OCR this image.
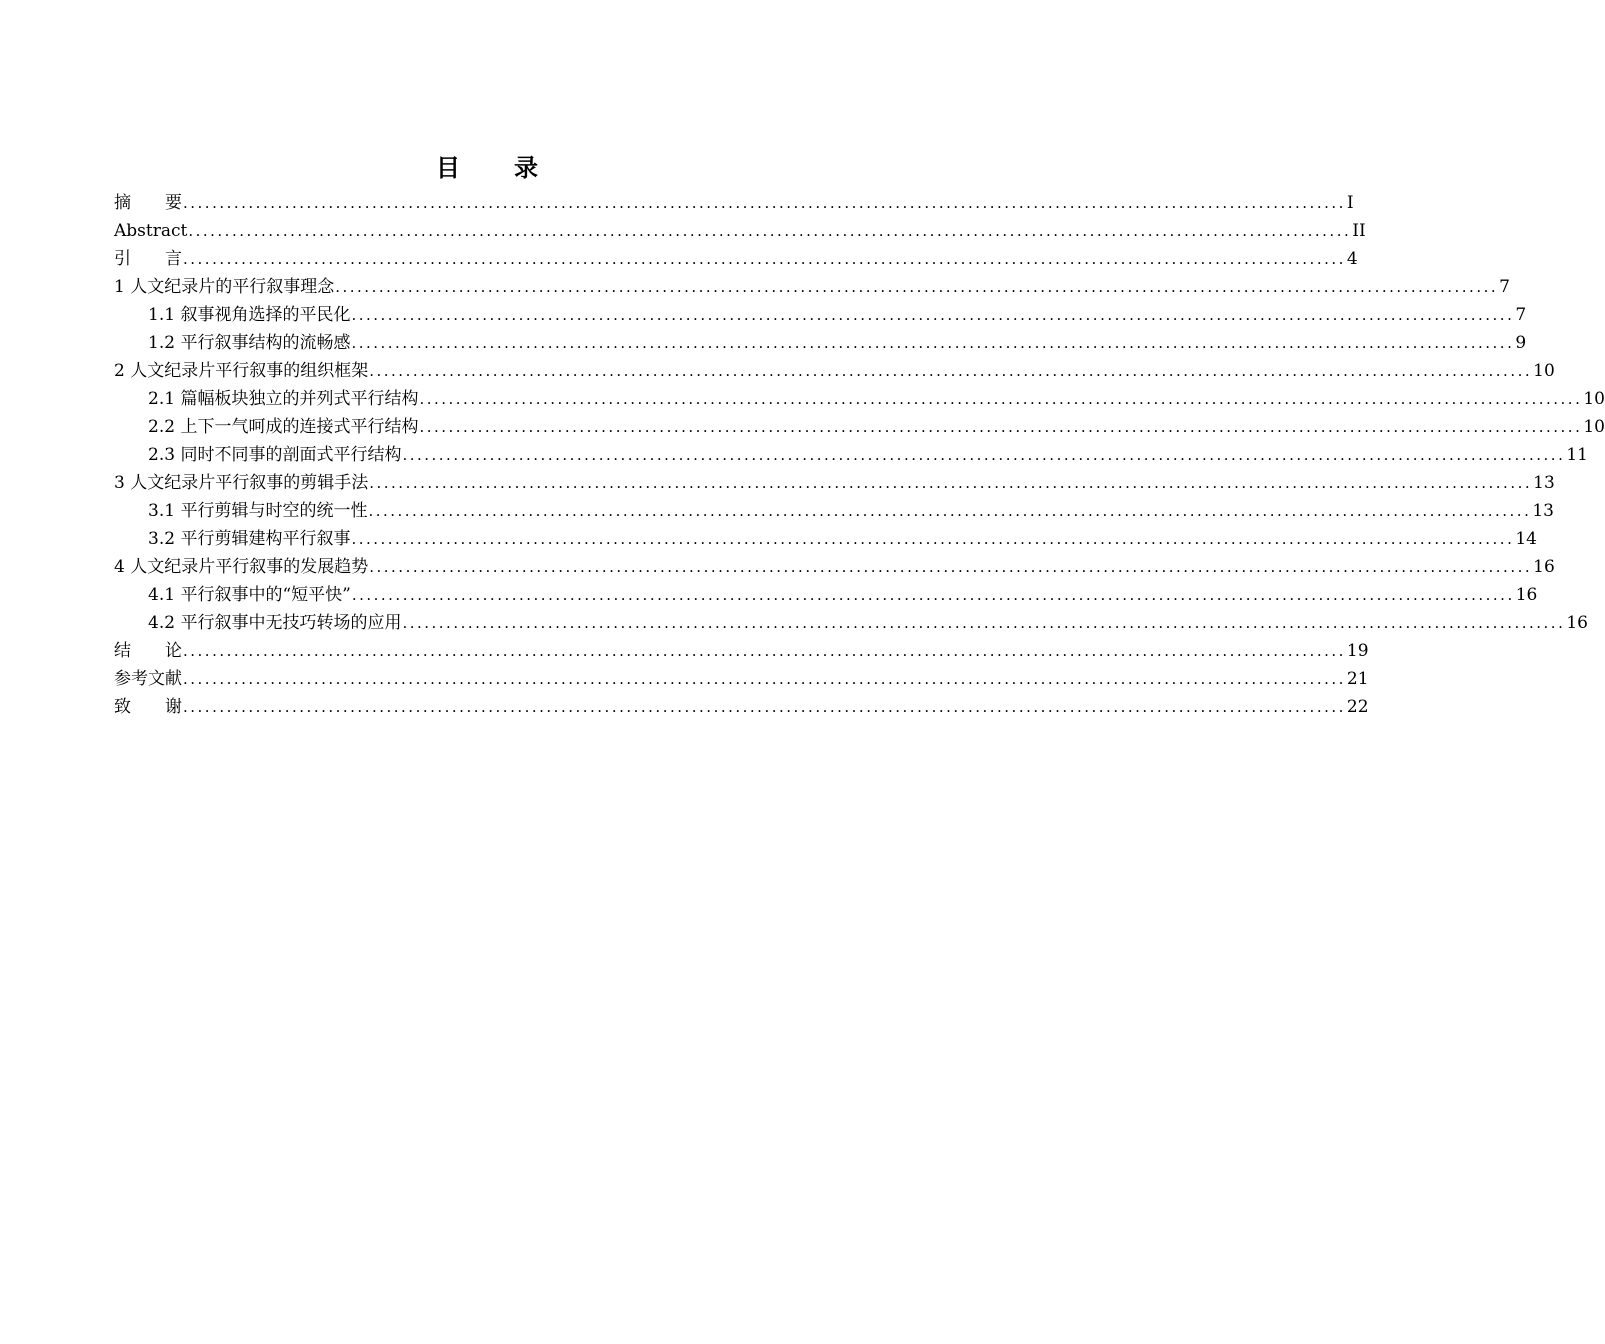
目　　录
摘　　要 ................................................................................................................................................................ I
Abstract ................................................................................................................................................................ II
引　　言 ................................................................................................................................................................ 4
1 人文纪录片的平行叙事理念 ................................................................................................................................................................ 7
1.1 叙事视角选择的平民化 ................................................................................................................................................................ 7
1.2 平行叙事结构的流畅感 ................................................................................................................................................................ 9
2 人文纪录片平行叙事的组织框架 ................................................................................................................................................................ 10
2.1 篇幅板块独立的并列式平行结构 ................................................................................................................................................................ 10
2.2 上下一气呵成的连接式平行结构 ................................................................................................................................................................ 10
2.3 同时不同事的剖面式平行结构 ................................................................................................................................................................ 11
3 人文纪录片平行叙事的剪辑手法 ................................................................................................................................................................ 13
3.1 平行剪辑与时空的统一性 ................................................................................................................................................................ 13
3.2 平行剪辑建构平行叙事 ................................................................................................................................................................ 14
4 人文纪录片平行叙事的发展趋势 ................................................................................................................................................................ 16
4.1 平行叙事中的“短平快” ................................................................................................................................................................ 16
4.2 平行叙事中无技巧转场的应用 ................................................................................................................................................................ 16
结　　论 ................................................................................................................................................................ 19
参考文献 ................................................................................................................................................................ 21
致　　谢 ................................................................................................................................................................ 22
